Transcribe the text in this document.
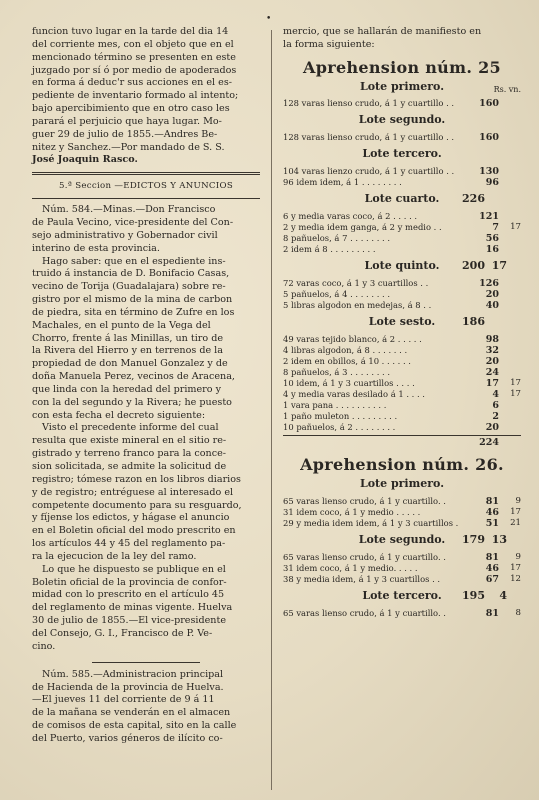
•

funcion tuvo lugar en la tarde del dia 14

del corriente mes, con el objeto que en el

mencionado término se presenten en este

juzgado por sí ó por medio de apoderados

en forma á deduc'r sus acciones en el es-

pediente de inventario formado al intento;

bajo apercibimiento que en otro caso les

parará el perjuicio que haya lugar. Mo-

guer 29 de julio de 1855.—Andres Be-

nitez y Sanchez.—Por mandado de S. S.

José Joaquin Rasco.

5.ª Seccion —EDICTOS Y ANUNCIOS

Núm. 584.—Minas.—Don Francisco

de Paula Vecino, vice-presidente del Con-

sejo administrativo y Gobernador civil

interino de esta provincia.

Hago saber: que en el espediente ins-

truido á instancia de D. Bonifacio Casas,

vecino de Torija (Guadalajara) sobre re-

gistro por el mismo de la mina de carbon

de piedra, sita en término de Zufre en los

Machales, en el punto de la Vega del

Chorro, frente á las Minillas, un tiro de

la Rivera del Hierro y en terrenos de la

propiedad de don Manuel Gonzalez y de

doña Manuela Perez, vecinos de Aracena,

que linda con la heredad del primero y

con la del segundo y la Rivera; he puesto

con esta fecha el decreto siguiente:

Visto el precedente informe del cual

resulta que existe mineral en el sitio re-

gistrado y terreno franco para la conce-

sion solicitada, se admite la solicitud de

registro; tómese razon en los libros diarios

y de registro; entréguese al interesado el

competente documento para su resguardo,

y fíjense los edictos, y hágase el anuncio

en el Boletin oficial del modo prescrito en

los artículos 44 y 45 del reglamento pa-

ra la ejecucion de la ley del ramo.

Lo que he dispuesto se publique en el

Boletin oficial de la provincia de confor-

midad con lo prescrito en el artículo 45

del reglamento de minas vigente. Huelva

30 de julio de 1855.—El vice-presidente

del Consejo, G. I., Francisco de P. Ve-

cino.

Núm. 585.—Administracion principal

de Hacienda de la provincia de Huelva.

—El jueves 11 del corriente de 9 á 11

de la mañana se venderán en el almacen

de comisos de esta capital, sito en la calle

del Puerto, varios géneros de ilícito co-

mercio, que se hallarán de manifiesto en

la forma siguiente:

Aprehension núm. 25
Lote primero.	Rs. vn.
128 varas lienso crudo, á 1 y cuartillo . .	160
Lote segundo.
128 varas lienso crudo, á 1 y cuartillo . .	160
Lote tercero.
104 varas lienzo crudo, á 1 y cuartillo . .	130
96 idem idem, á 1 . . . . . . . .	96
Lote cuarto.	226
6 y media varas coco, á 2 . . . . .	121
2 y media idem ganga, á 2 y medio . .	7	17
8 pañuelos, á 7 . . . . . . . .	56
2 idem á 8 . . . . . . . . .	16
Lote quinto.	200 17
72 varas coco, á 1 y 3 cuartillos . .	126
5 pañuelos, á 4 . . . . . . . .	20
5 libras algodon en medejas, á 8 . .	40
Lote sesto.	186
49 varas tejido blanco, á 2 . . . . .	98
4 libras algodon, á 8 . . . . . . .	32
2 idem en obillos, á 10 . . . . . .	20
8 pañuelos, á 3 . . . . . . . .	24
10 idem, á 1 y 3 cuartillos . . . .	17	17
4 y media varas desilado á 1 . . . .	4	17
1 vara pana . . . . . . . . . .	6
1 paño muleton . . . . . . . . .	2
10 pañuelos, á 2 . . . . . . . .	20
224
Aprehension núm. 26.
Lote primero.
65 varas lienso crudo, á 1 y cuartillo. .	81	9
31 idem coco, á 1 y medio . . . . .	46	17
29 y media idem idem, á 1 y 3 cuartillos .	51	21
Lote segundo.	179 13
65 varas lienso crudo, á 1 y cuartillo. .	81	9
31 idem coco, á 1 y medio. . . . .	46	17
38 y media idem, á 1 y 3 cuartillos . .	67	12
Lote tercero.	195 4
65 varas lienso crudo, á 1 y cuartillo. .	81	8
